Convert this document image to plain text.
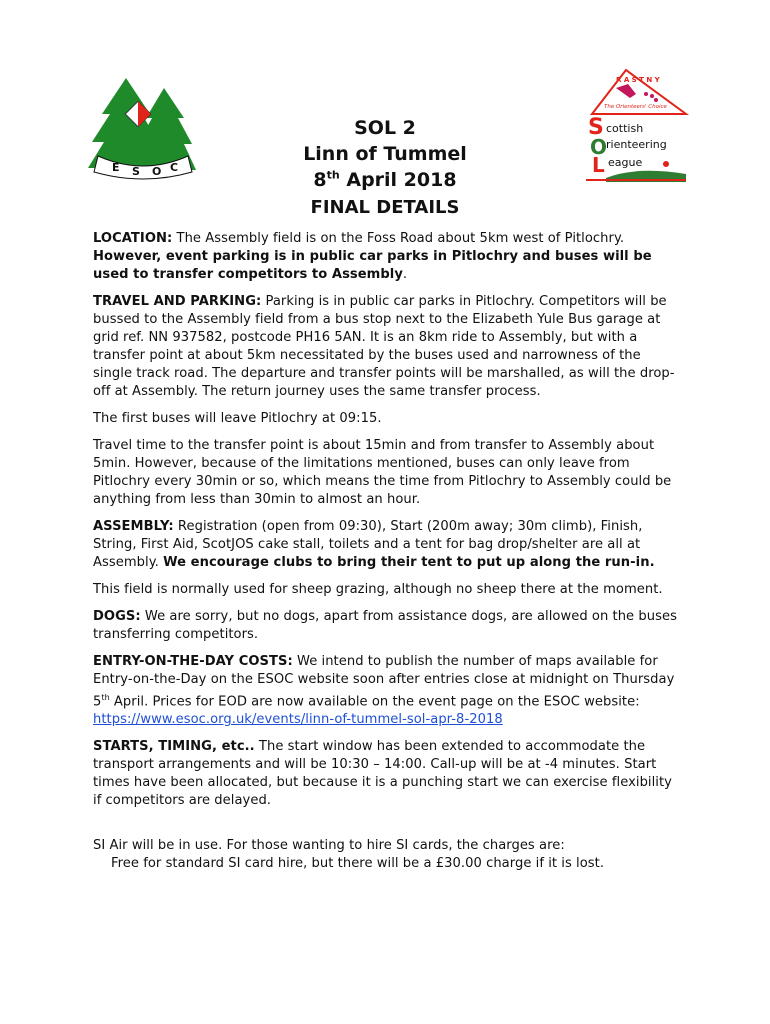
E S O C
R A S T N Y
The Orienteers' Choice
S
O
L
cottish
rienteering
eague
SOL 2
Linn of Tummel
8th April 2018
FINAL DETAILS

LOCATION: The Assembly field is on the Foss Road about 5km west of Pitlochry. However, event parking is in public car parks in Pitlochry and buses will be used to transfer competitors to Assembly.

TRAVEL AND PARKING: Parking is in public car parks in Pitlochry. Competitors will be bussed to the Assembly field from a bus stop next to the Elizabeth Yule Bus garage at grid ref. NN 937582, postcode PH16 5AN. It is an 8km ride to Assembly, but with a transfer point at about 5km necessitated by the buses used and narrowness of the single track road. The departure and transfer points will be marshalled, as will the drop-off at Assembly. The return journey uses the same transfer process.

The first buses will leave Pitlochry at 09:15.

Travel time to the transfer point is about 15min and from transfer to Assembly about 5min. However, because of the limitations mentioned, buses can only leave from Pitlochry every 30min or so, which means the time from Pitlochry to Assembly could be anything from less than 30min to almost an hour.

ASSEMBLY: Registration (open from 09:30), Start (200m away; 30m climb), Finish, String, First Aid, ScotJOS cake stall, toilets and a tent for bag drop/shelter are all at Assembly. We encourage clubs to bring their tent to put up along the run-in.

This field is normally used for sheep grazing, although no sheep there at the moment.

DOGS: We are sorry, but no dogs, apart from assistance dogs, are allowed on the buses transferring competitors.

ENTRY-ON-THE-DAY COSTS: We intend to publish the number of maps available for Entry-on-the-Day on the ESOC website soon after entries close at midnight on Thursday 5th April. Prices for EOD are now available on the event page on the ESOC website: https://www.esoc.org.uk/events/linn-of-tummel-sol-apr-8-2018

STARTS, TIMING, etc.. The start window has been extended to accommodate the transport arrangements and will be 10:30 – 14:00. Call-up will be at -4 minutes. Start times have been allocated, but because it is a punching start we can exercise flexibility if competitors are delayed.

SI Air will be in use. For those wanting to hire SI cards, the charges are:
Free for standard SI card hire, but there will be a £30.00 charge if it is lost.
